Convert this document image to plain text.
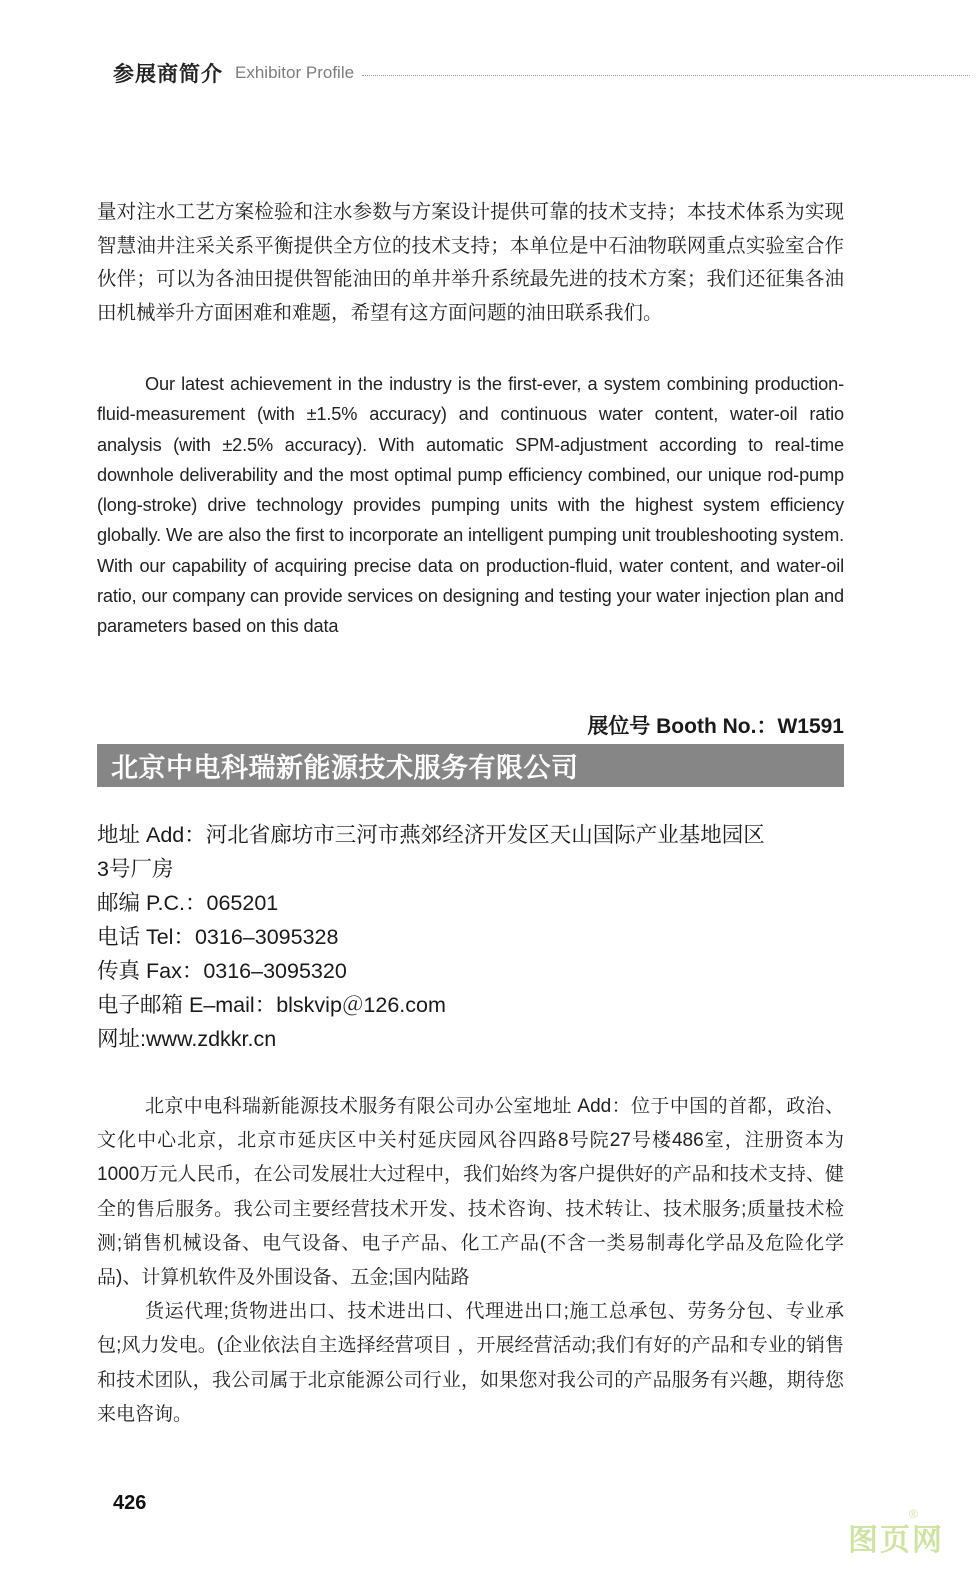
参展商简介 Exhibitor Profile

量对注水工艺方案检验和注水参数与方案设计提供可靠的技术支持；本技术体系为实现智慧油井注采关系平衡提供全方位的技术支持；本单位是中石油物联网重点实验室合作伙伴；可以为各油田提供智能油田的单井举升系统最先进的技术方案；我们还征集各油田机械举升方面困难和难题，希望有这方面问题的油田联系我们。

Our latest achievement in the industry is the first-ever, a system combining production-fluid-measurement (with ±1.5% accuracy) and continuous water content, water-oil ratio analysis (with ±2.5% accuracy). With automatic SPM-adjustment according to real-time downhole deliverability and the most optimal pump efficiency combined, our unique rod-pump (long-stroke) drive technology provides pumping units with the highest system efficiency globally. We are also the first to incorporate an intelligent pumping unit troubleshooting system. With our capability of acquiring precise data on production-fluid, water content, and water-oil ratio, our company can provide services on designing and testing your water injection plan and parameters based on this data

展位号 Booth No.：W1591
北京中电科瑞新能源技术服务有限公司
地址 Add：河北省廊坊市三河市燕郊经济开发区天山国际产业基地园区
3号厂房
邮编 P.C.：065201
电话 Tel：0316–3095328
传真 Fax：0316–3095320
电子邮箱 E–mail：blskvip＠126.com
网址:www.zdkkr.cn

北京中电科瑞新能源技术服务有限公司办公室地址 Add：位于中国的首都，政治、文化中心北京，北京市延庆区中关村延庆园风谷四路8号院27号楼486室，注册资本为1000万元人民币，在公司发展壮大过程中，我们始终为客户提供好的产品和技术支持、健全的售后服务。我公司主要经营技术开发、技术咨询、技术转让、技术服务;质量技术检测;销售机械设备、电气设备、电子产品、化工产品(不含一类易制毒化学品及危险化学品)、计算机软件及外围设备、五金;国内陆路

货运代理;货物进出口、技术进出口、代理进出口;施工总承包、劳务分包、专业承包;风力发电。(企业依法自主选择经营项目 ，开展经营活动;我们有好的产品和专业的销售和技术团队，我公司属于北京能源公司行业，如果您对我公司的产品服务有兴趣，期待您来电咨询。

426
图页网
®
